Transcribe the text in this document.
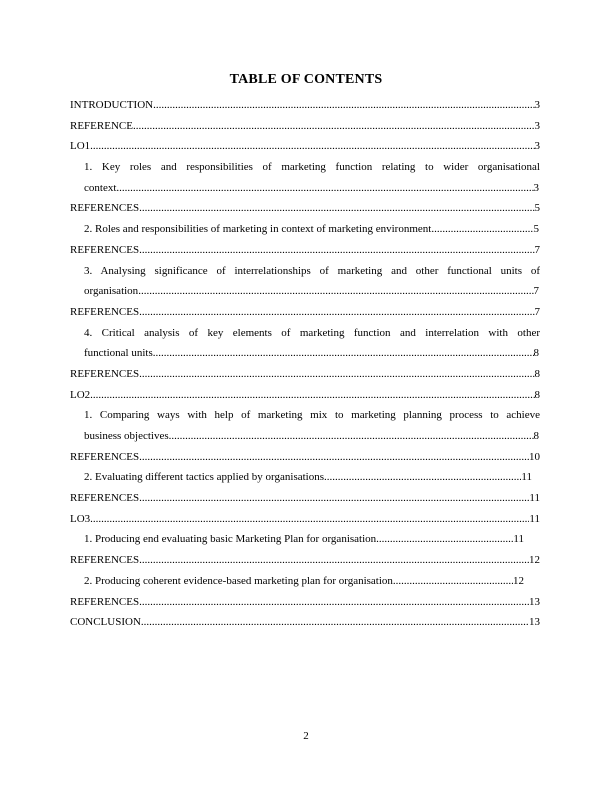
TABLE OF CONTENTS
INTRODUCTION .....	3
REFERENCE .....	3
LO1 .....	3
1. Key roles and responsibilities of marketing function relating to wider organisational
context .....	3
REFERENCES .....	5
2. Roles and responsibilities of marketing in context of marketing environment .....	5
REFERENCES .....	7
3. Analysing significance of interrelationships of marketing and other functional units of
organisation .....	7
REFERENCES .....	7
4. Critical analysis of key elements of marketing function and interrelation with other
functional units .....	8
REFERENCES .....	8
LO2 .....	8
1. Comparing ways with help of marketing mix to marketing planning process to achieve
business objectives .....	8
REFERENCES .....	10
2. Evaluating different tactics applied by organisations .....	11
REFERENCES .....	11
LO3 .....	11
1. Producing end evaluating basic Marketing Plan for organisation .....	11
REFERENCES .....	12
2. Producing coherent evidence-based marketing plan for organisation .....	12
REFERENCES .....	13
CONCLUSION .....	13
2
